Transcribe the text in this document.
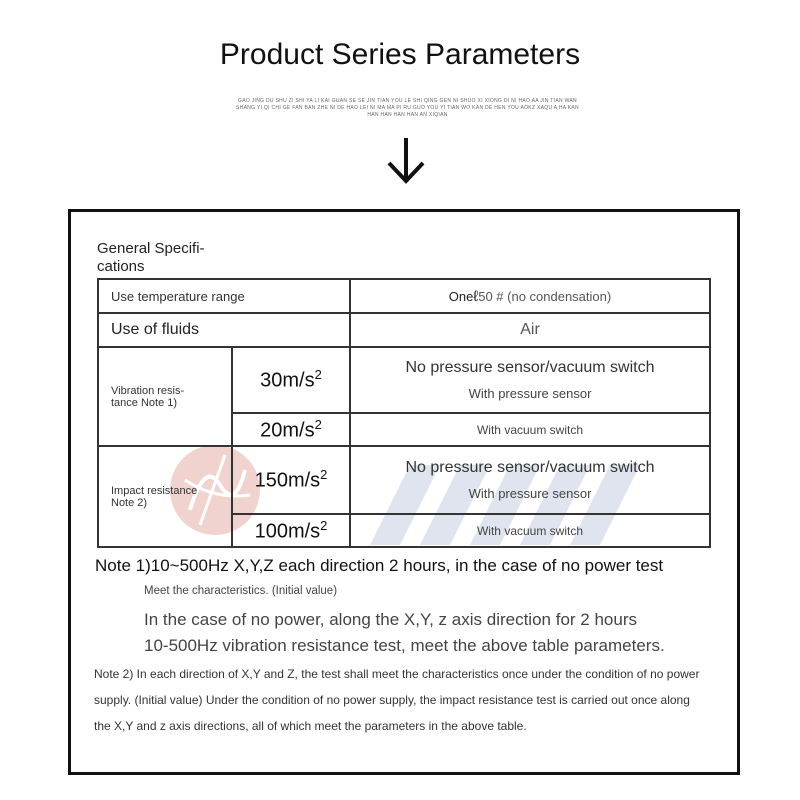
Product Series Parameters
GAO JING DU SHU ZI SHI YA LI KAI GUAN SE SE JIN TIAN YOU LE SHI QING GEN NI SHUO XI XIONG DI NI HAO AA JIN TIAN WAN SHANG YI QI CHI GE FAN BAN ZHE NI DE HAO LEI NI MA MA PI RU GUO YOU YI TIAN WO KAN DE HEN YOU AOKZ XAQU A HA KAN HAN HAN HAN HAN AN XIQIAN
General Specifi-
cations
Use temperature range		Oneℓ50 # (no condensation)
Use of fluids		Air
Vibration resis-
tance Note 1)	$30m/s^2$	No pressure sensor/vacuum switch
With pressure sensor

	$20m/s^2$	With vacuum switch
Impact resistance
Note 2)	$150m/s^2$	No pressure sensor/vacuum switch
With pressure sensor

	$100m/s^2$	With vacuum switch
Note 1)10~500Hz X,Y,Z each direction 2 hours, in the case of no power test
Meet the characteristics. (Initial value)
In the case of no power, along the X,Y, z axis direction for 2 hours
10-500Hz vibration resistance test, meet the above table parameters.
Note 2) In each direction of X,Y and Z, the test shall meet the characteristics once under the condition of no power supply. (Initial value) Under the condition of no power supply, the impact resistance test is carried out once along the X,Y and z axis directions, all of which meet the parameters in the above table.
